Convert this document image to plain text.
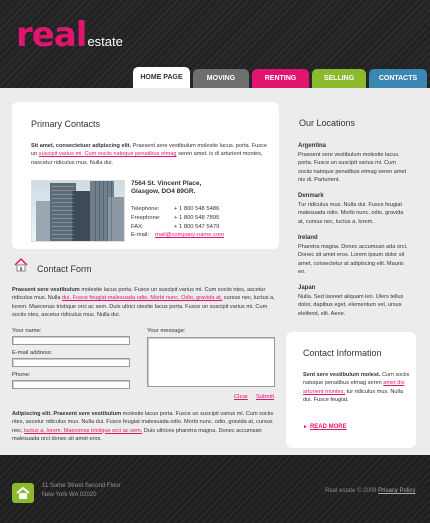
realestate
HOME PAGE	MOVING	RENTING	SELLING	CONTACTS
Primary Contacts
Sit amet, consectetuer adipiscing elit. Praesent sere vestibulum molestie lacus. porta. Fusce un suscipit varius mi. Cum sociis natoque penatibus etmag seren amet. is di arturient montes, nascetur ridiculus mus. Nulla dui.
7564 St. Vincent Place,
Glasgow, DO4 89GR.
Telephone:	+ 1 800 548 5486
Freephone: + 1 800 548 7895
FAX:	+ 1 800 547 5479
E-mail: mail@company-name.com
Contact Form
Praesent sere vestibulum molestie lacus porta. Fusce un suscipit varius mi. Cum sociis ntes, ascetur ridiculus mus. Nulla dui. Fusce feugiat malesuada odio. Morbi nunc. Odio, gravida at, cursus nec, luctus a, lorem. Maecenas tristique orci ac sem. Duis ultrici otestie lacus porta. Fusce un suscipit varius mi. Cum sociis ntes, ascetur ridiculus mus. Nulla dui.
Your name:
E-mail address:
Phone:
Your message:
Clear Submit
Adipiscing elit. Praesent sere vestibulum molestie lacus porta. Fusce un suscipit varius mi. Cum sociis ntes, ascetur ridiculus mus. Nulla dui. Fusce feugiat malesuada odio. Morbi nunc. odio, gravida at, cursus nec, luctus a, lorem. Maecenas tristique orci ac sem. Duis ultrices pharetra magna. Donec accumsan malesuada orci donec sit amet eros.
Our Locations
Argentina
Praesent sere vestibulum molestie lacus. porta. Fusce un suscipit varius mi. Cum sociis natoque penatibus etmag seren amet nis di. Parturient.
Denmark
Tur ridiculus mus. Nulla dui. Fusce feugiat malesuada odio. Morbi nunc. odio, gravida at, cursus nec, luctus a, lorem.
Ireland
Pharetra magna. Donec accumsan ada orci. Donec sit amet eros. Lorem ipsum dolor sit amet, consectetur at adipiscing elit. Mauris en.
Japan
Nulla. Sed laoreet aliquam leo. Ulers tellus dolor, dapibus eget, elementum vel, ursus eleifend, elit. Aene.
Contact Information
Sent sere vestibulum molest. Cum sociis natoque penatibus etmag seren amet dis arturient montes, tur ridiculus mus. Nulla dui. Fusce feugiat.
► READ MORE
11 Some Street Second Floor
New York WA 02020
Real estate © 2008 Privacy Policy
